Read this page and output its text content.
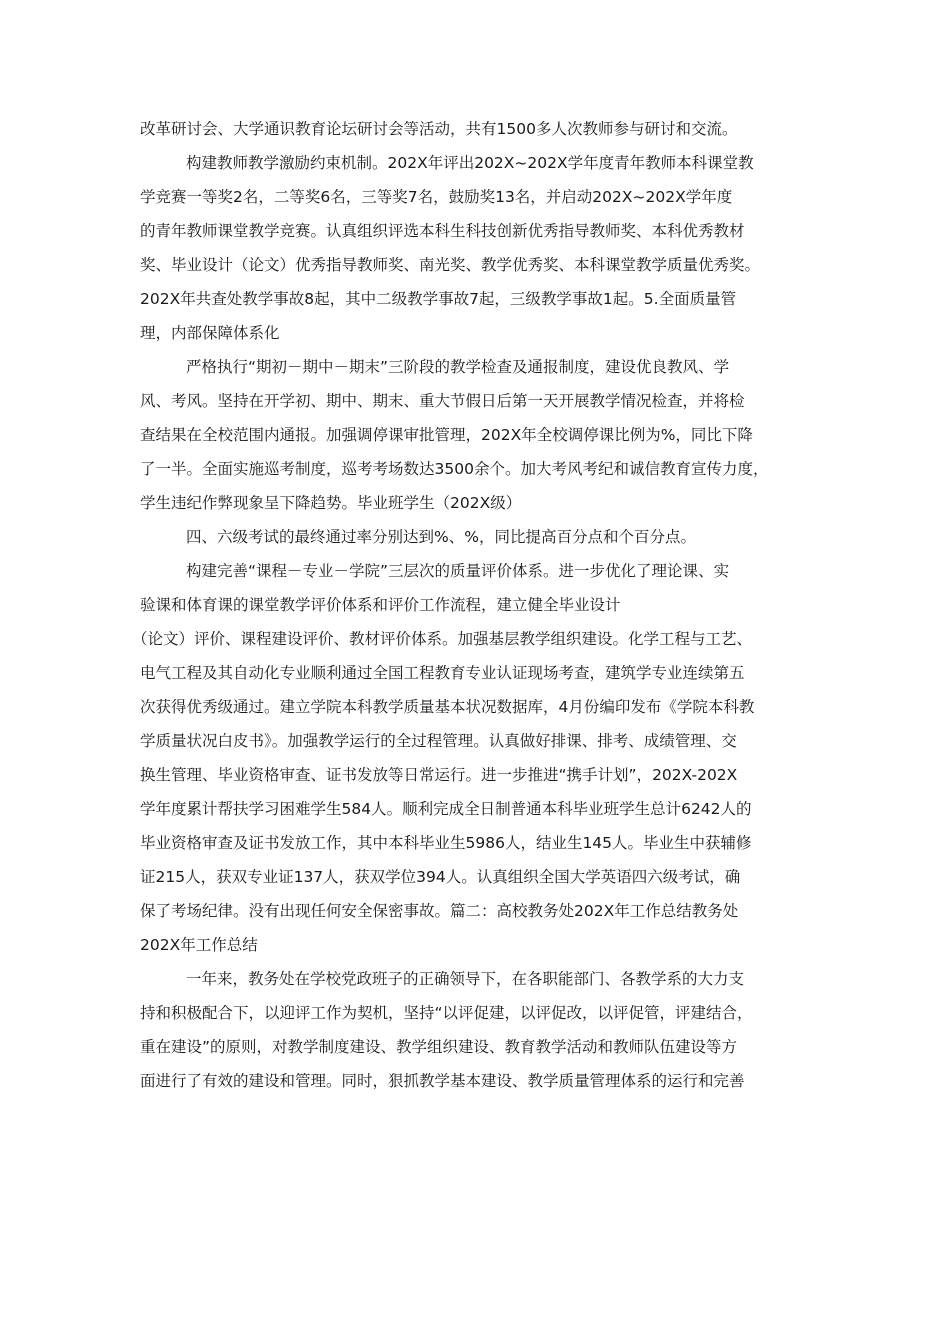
改革研讨会、大学通识教育论坛研讨会等活动，共有1500多人次教师参与研讨和交流。
构建教师教学激励约束机制。202X年评出202X~202X学年度青年教师本科课堂教
学竞赛一等奖2名，二等奖6名，三等奖7名，鼓励奖13名，并启动202X~202X学年度
的青年教师课堂教学竞赛。认真组织评选本科生科技创新优秀指导教师奖、本科优秀教材
奖、毕业设计（论文）优秀指导教师奖、南光奖、教学优秀奖、本科课堂教学质量优秀奖。
202X年共查处教学事故8起，其中二级教学事故7起，三级教学事故1起。5.全面质量管
理，内部保障体系化
严格执行“期初－期中－期末”三阶段的教学检查及通报制度，建设优良教风、学
风、考风。坚持在开学初、期中、期末、重大节假日后第一天开展教学情况检查，并将检
查结果在全校范围内通报。加强调停课审批管理，202X年全校调停课比例为%，同比下降
了一半。全面实施巡考制度，巡考考场数达3500余个。加大考风考纪和诚信教育宣传力度，
学生违纪作弊现象呈下降趋势。毕业班学生（202X级）
四、六级考试的最终通过率分别达到%、%，同比提高百分点和个百分点。
构建完善“课程－专业－学院”三层次的质量评价体系。进一步优化了理论课、实
验课和体育课的课堂教学评价体系和评价工作流程，建立健全毕业设计
（论文）评价、课程建设评价、教材评价体系。加强基层教学组织建设。化学工程与工艺、
电气工程及其自动化专业顺利通过全国工程教育专业认证现场考查，建筑学专业连续第五
次获得优秀级通过。建立学院本科教学质量基本状况数据库，4月份编印发布《学院本科教
学质量状况白皮书》。加强教学运行的全过程管理。认真做好排课、排考、成绩管理、交
换生管理、毕业资格审查、证书发放等日常运行。进一步推进“携手计划”，202X-202X
学年度累计帮扶学习困难学生584人。顺利完成全日制普通本科毕业班学生总计6242人的
毕业资格审查及证书发放工作，其中本科毕业生5986人，结业生145人。毕业生中获辅修
证215人，获双专业证137人，获双学位394人。认真组织全国大学英语四六级考试，确
保了考场纪律。没有出现任何安全保密事故。篇二：高校教务处202X年工作总结教务处
202X年工作总结
一年来，教务处在学校党政班子的正确领导下，在各职能部门、各教学系的大力支
持和积极配合下，以迎评工作为契机，坚持“以评促建，以评促改，以评促管，评建结合，
重在建设”的原则，对教学制度建设、教学组织建设、教育教学活动和教师队伍建设等方
面进行了有效的建设和管理。同时，狠抓教学基本建设、教学质量管理体系的运行和完善
